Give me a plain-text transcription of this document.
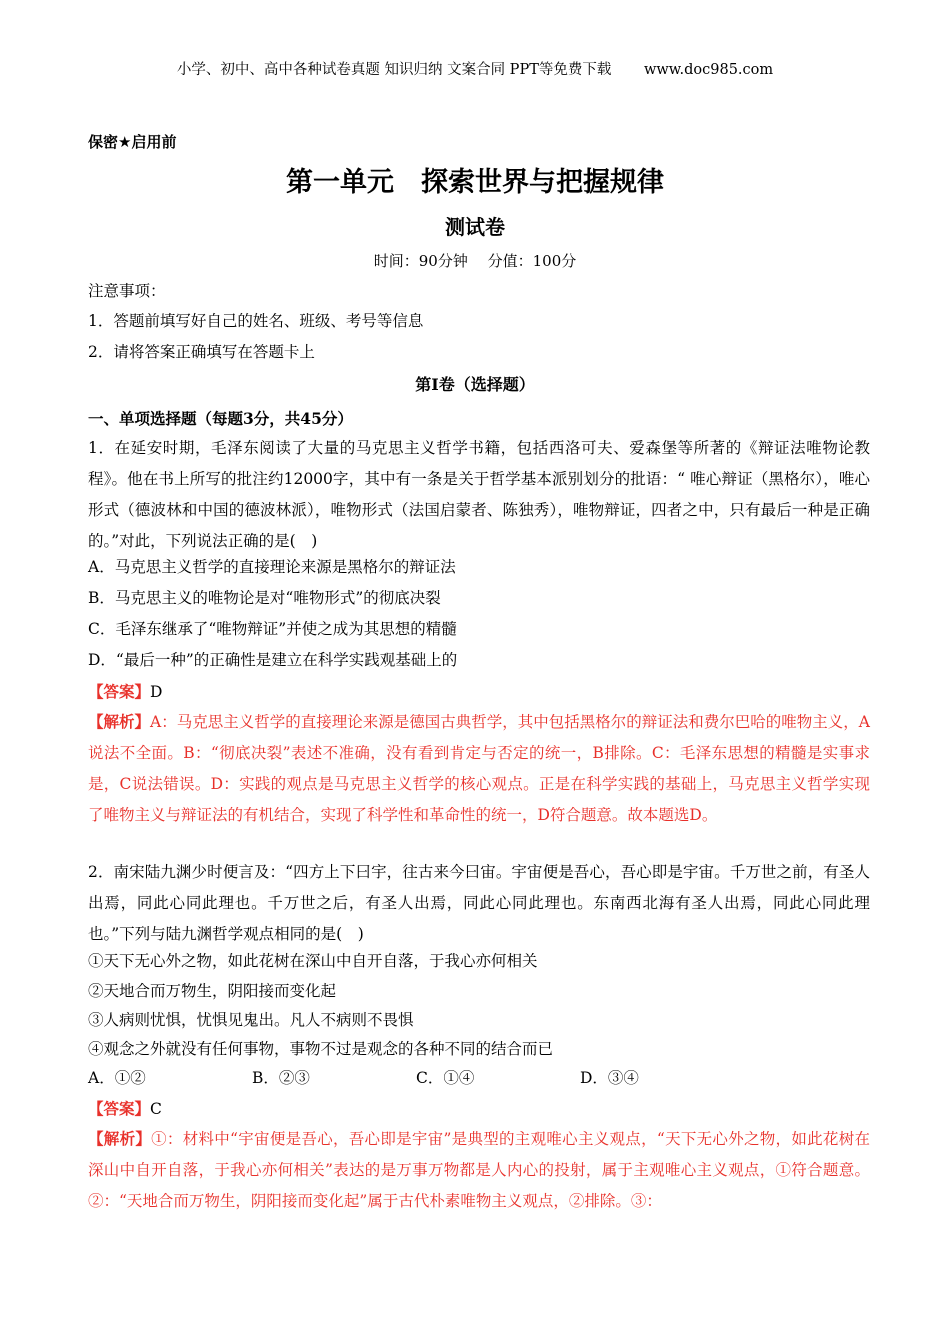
小学、初中、高中各种试卷真题 知识归纳 文案合同 PPT等免费下载 www.doc985.com
保密★启用前
第一单元　探索世界与把握规律
测试卷
时间：90分钟　 分值：100分
注意事项：
1．答题前填写好自己的姓名、班级、考号等信息
2．请将答案正确填写在答题卡上
第I卷（选择题）
一、单项选择题（每题3分，共45分）
1．在延安时期，毛泽东阅读了大量的马克思主义哲学书籍，包括西洛可夫、爱森堡等所著的《辩证法唯物论教程》。他在书上所写的批注约12000字，其中有一条是关于哲学基本派别划分的批语：“ 唯心辩证（黑格尔），唯心形式（德波林和中国的德波林派），唯物形式（法国启蒙者、陈独秀），唯物辩证，四者之中，只有最后一种是正确的。”对此，下列说法正确的是(　)
A．马克思主义哲学的直接理论来源是黑格尔的辩证法
B．马克思主义的唯物论是对“唯物形式”的彻底决裂
C．毛泽东继承了“唯物辩证”并使之成为其思想的精髓
D．“最后一种”的正确性是建立在科学实践观基础上的
【答案】D
【解析】A：马克思主义哲学的直接理论来源是德国古典哲学，其中包括黑格尔的辩证法和费尔巴哈的唯物主义，A说法不全面。B：“彻底决裂”表述不准确，没有看到肯定与否定的统一，B排除。C：毛泽东思想的精髓是实事求是，C说法错误。D：实践的观点是马克思主义哲学的核心观点。正是在科学实践的基础上，马克思主义哲学实现了唯物主义与辩证法的有机结合，实现了科学性和革命性的统一，D符合题意。故本题选D。
2．南宋陆九渊少时便言及：“四方上下曰宇，往古来今曰宙。宇宙便是吾心，吾心即是宇宙。千万世之前，有圣人出焉，同此心同此理也。千万世之后，有圣人出焉，同此心同此理也。东南西北海有圣人出焉，同此心同此理也。”下列与陆九渊哲学观点相同的是(　)
①天下无心外之物，如此花树在深山中自开自落，于我心亦何相关
②天地合而万物生，阴阳接而变化起
③人病则忧惧，忧惧见鬼出。凡人不病则不畏惧
④观念之外就没有任何事物，事物不过是观念的各种不同的结合而已
A．①②	B．②③	C．①④	D．③④
【答案】C
【解析】①：材料中“宇宙便是吾心，吾心即是宇宙”是典型的主观唯心主义观点，“天下无心外之物，如此花树在深山中自开自落，于我心亦何相关”表达的是万事万物都是人内心的投射，属于主观唯心主义观点，①符合题意。②：“天地合而万物生，阴阳接而变化起”属于古代朴素唯物主义观点，②排除。③：
